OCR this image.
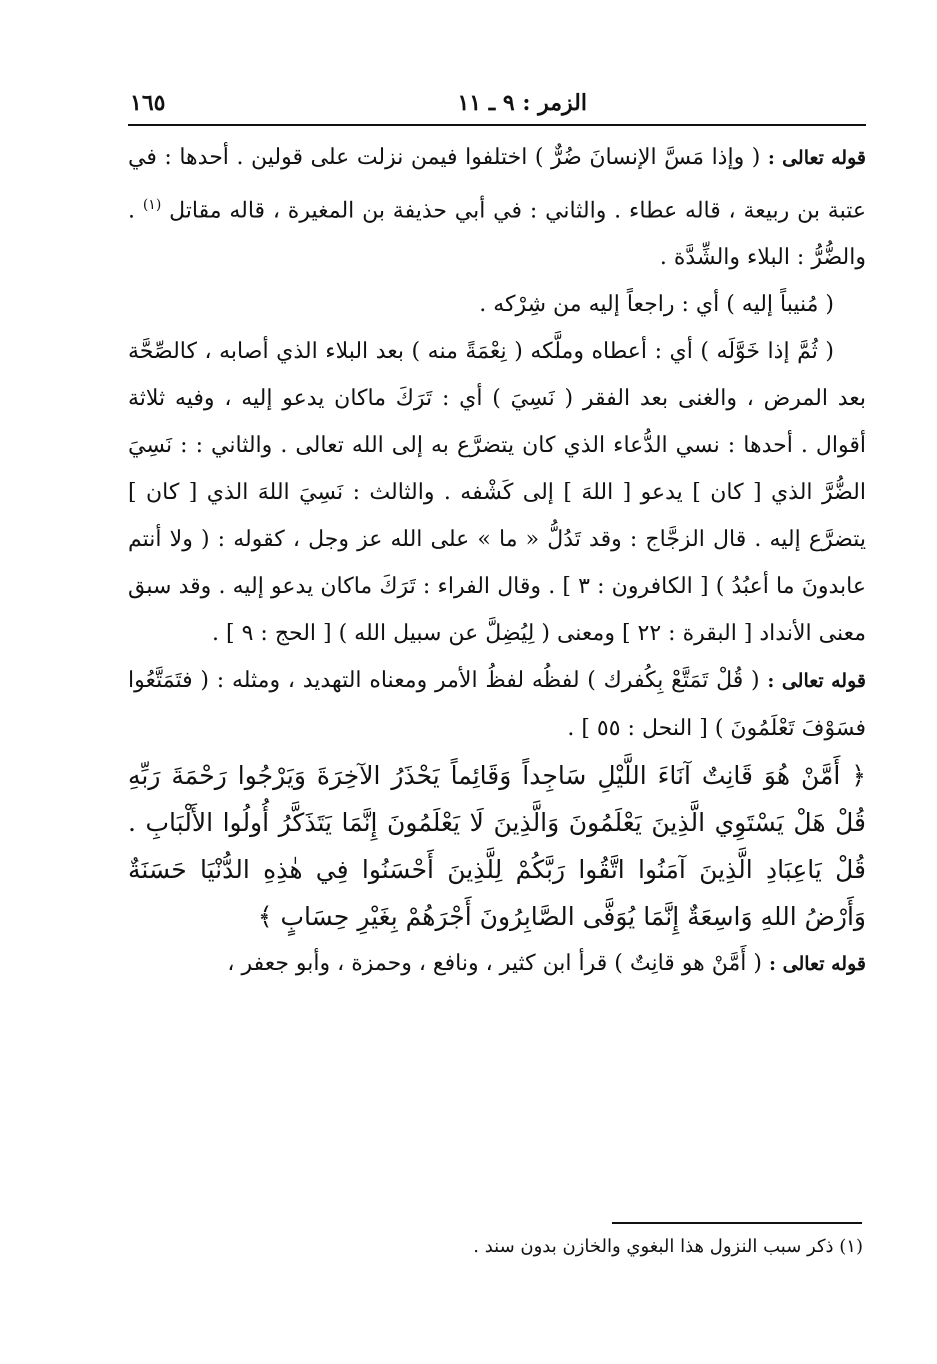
الزمر : ٩ ـ ١١
١٦٥

قوله تعالى : ( وإذا مَسَّ الإنسانَ ضُرٌّ ) اختلفوا فيمن نزلت على قولين . أحدها : في عتبة بن ربيعة ، قاله عطاء . والثاني : في أبي حذيفة بن المغيرة ، قاله مقاتل $^{(١)}$ . والضُّرُّ : البلاء والشِّدَّة .

( مُنيباً إليه ) أي : راجعاً إليه من شِرْكه .

( ثُمَّ إذا خَوَّلَه ) أي : أعطاه وملَّكه ( نِعْمَةً منه ) بعد البلاء الذي أصابه ، كالصِّحَّة بعد المرض ، والغنى بعد الفقر ( نَسِيَ ) أي : تَرَكَ ماكان يدعو إليه ، وفيه ثلاثة أقوال . أحدها : نسي الدُّعاء الذي كان يتضرَّع به إلى الله تعالى . والثاني : : نَسِيَ الضُّرَّ الذي [ كان ] يدعو [ اللهَ ] إلى كَشْفه . والثالث : نَسِيَ اللهَ الذي [ كان ] يتضرَّع إليه . قال الزجَّاج : وقد تَدُلُّ « ما » على الله عز وجل ، كقوله : ( ولا أنتم عابدونَ ما أعبُدُ ) [ الكافرون : ٣ ] . وقال الفراء : تَرَكَ ماكان يدعو إليه . وقد سبق معنى الأنداد [ البقرة : ٢٢ ] ومعنى ( لِيُضِلَّ عن سبيل الله ) [ الحج : ٩ ] .

قوله تعالى : ( قُلْ تَمَتَّعْ بِكُفرك ) لفظُه لفظُ الأمر ومعناه التهديد ، ومثله : ( فتَمَتَّعُوا فسَوْفَ تَعْلَمُونَ ) [ النحل : ٥٥ ] .

﴿ أَمَّنْ هُوَ قَانِتٌ آنَاءَ اللَّيْلِ سَاجِداً وَقَائِماً يَحْذَرُ الآخِرَةَ وَيَرْجُوا رَحْمَةَ رَبِّهِ قُلْ هَلْ يَسْتَوِي الَّذِينَ يَعْلَمُونَ وَالَّذِينَ لَا يَعْلَمُونَ إِنَّمَا يَتَذَكَّرُ أُولُوا الأَلْبَابِ . قُلْ يَاعِبَادِ الَّذِينَ آمَنُوا اتَّقُوا رَبَّكُمْ لِلَّذِينَ أَحْسَنُوا فِي هٰذِهِ الدُّنْيَا حَسَنَةٌ وَأَرْضُ اللهِ وَاسِعَةٌ إِنَّمَا يُوَفَّى الصَّابِرُونَ أَجْرَهُمْ بِغَيْرِ حِسَابٍ ﴾

قوله تعالى : ( أَمَّنْ هو قانِتٌ ) قرأ ابن كثير ، ونافع ، وحمزة ، وأبو جعفر ،

(١) ذكر سبب النزول هذا البغوي والخازن بدون سند .
